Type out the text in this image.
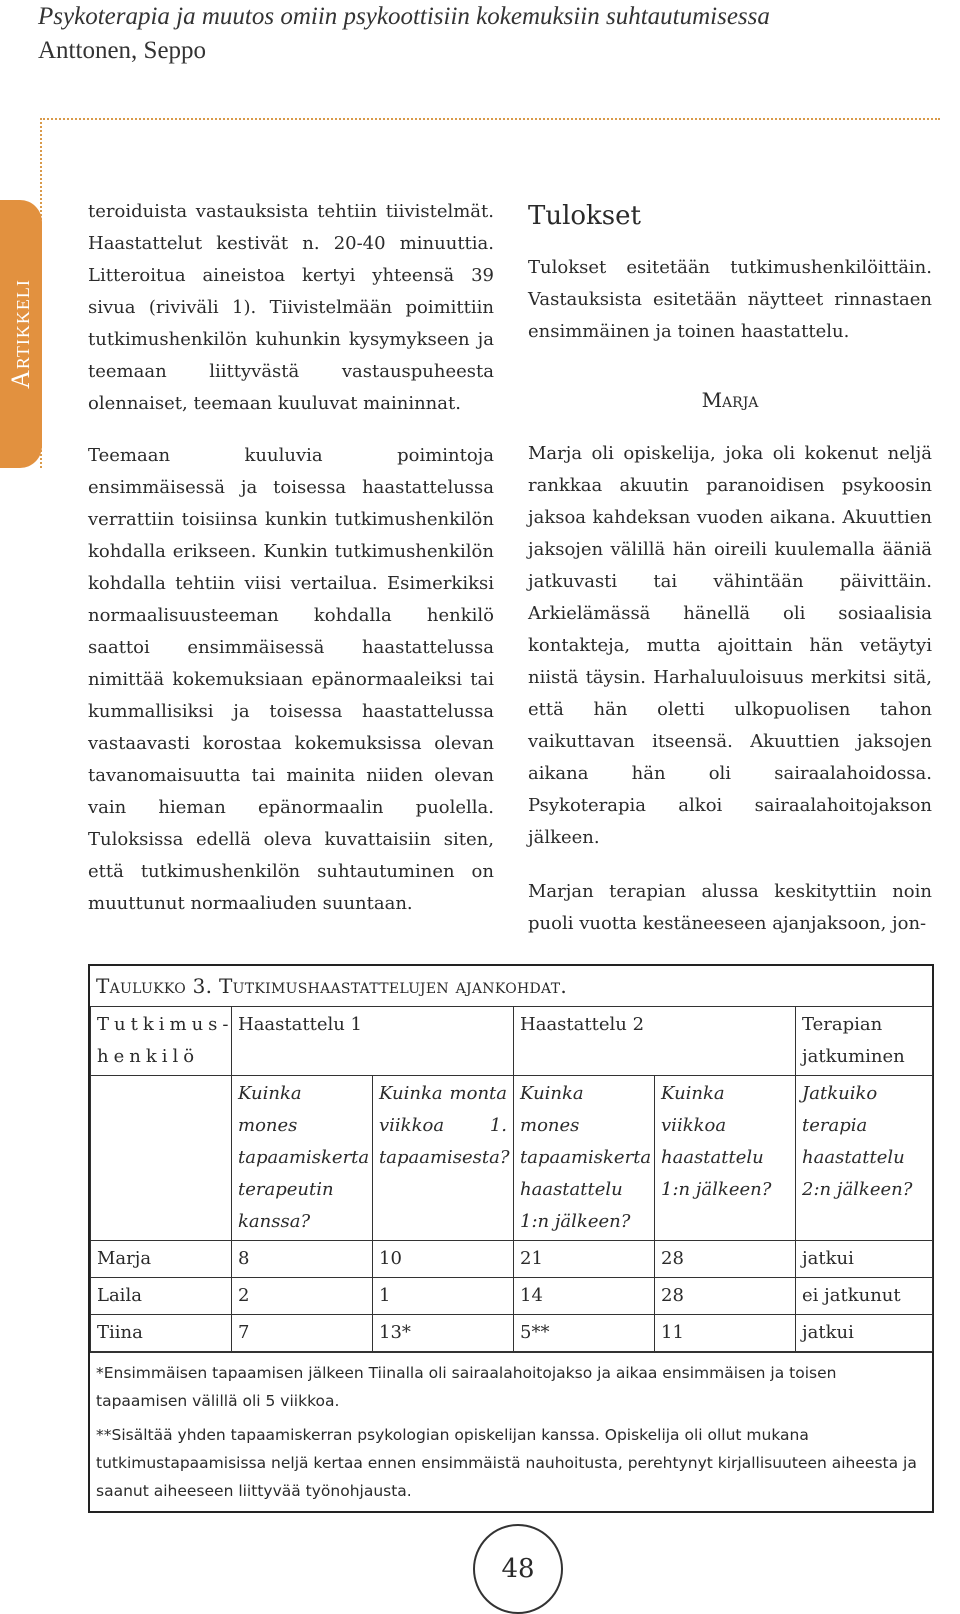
Psykoterapia ja muutos omiin psykoottisiin kokemuksiin suhtautumisessa
Anttonen, Seppo
Artikkeli

teroiduista vastauksista tehtiin tiivistelmät. Haastattelut kestivät n. 20-40 minuuttia. Litteroitua aineistoa kertyi yhteensä 39 sivua (riviväli 1). Tiivistelmään poimittiin tutkimushenkilön kuhunkin kysymykseen ja teemaan liittyvästä vastauspuheesta olennaiset, teemaan kuuluvat maininnat.

Teemaan kuuluvia poimintoja ensimmäisessä ja toisessa haastattelussa verrattiin toisiinsa kunkin tutkimushenkilön kohdalla erikseen. Kunkin tutkimushenkilön kohdalla tehtiin viisi vertailua. Esimerkiksi normaalisuusteeman kohdalla henkilö saattoi ensimmäisessä haastattelussa nimittää kokemuksiaan epänormaaleiksi tai kummallisiksi ja toisessa haastattelussa vastaavasti korostaa kokemuksissa olevan tavanomaisuutta tai mainita niiden olevan vain hieman epänormaalin puolella. Tuloksissa edellä oleva kuvattaisiin siten, että tutkimushenkilön suhtautuminen on muuttunut normaaliuden suuntaan.

Tulokset

Tulokset esitetään tutkimushenkilöittäin. Vastauksista esitetään näytteet rinnastaen ensimmäinen ja toinen haastattelu.

Marja

Marja oli opiskelija, joka oli kokenut neljä rankkaa akuutin paranoidisen psykoosin jaksoa kahdeksan vuoden aikana. Akuuttien jaksojen välillä hän oireili kuulemalla ääniä jatkuvasti tai vähintään päivittäin. Arkielämässä hänellä oli sosiaalisia kontakteja, mutta ajoittain hän vetäytyi niistä täysin. Harhaluuloisuus merkitsi sitä, että hän oletti ulkopuolisen tahon vaikuttavan itseensä. Akuuttien jaksojen aikana hän oli sairaalahoidossa. Psykoterapia alkoi sairaalahoitojakson jälkeen.

Marjan terapian alussa keskityttiin noin puoli vuotta kestäneeseen ajanjaksoon, jon-

Taulukko 3. Tutkimushaastattelujen ajankohdat.
Tutkimus- henkilö	Haastattelu 1		Haastattelu 2		Terapian jatkuminen
	Kuinka mones tapaamiskerta terapeutin kanssa?	Kuinka monta viikkoa 1. tapaamisesta?	Kuinka mones tapaamiskerta haastattelu 1:n jälkeen?	Kuinka viikkoa haastattelu 1:n jälkeen?	Jatkuiko terapia haastattelu 2:n jälkeen?
Marja	8	10	21	28	jatkui
Laila	2	1	14	28	ei jatkunut
Tiina	7	13*	5**	11	jatkui

*Ensimmäisen tapaamisen jälkeen Tiinalla oli sairaalahoitojakso ja aikaa ensimmäisen ja toisen tapaamisen välillä oli 5 viikkoa.

**Sisältää yhden tapaamiskerran psykologian opiskelijan kanssa. Opiskelija oli ollut mukana tutkimustapaamisissa neljä kertaa ennen ensimmäistä nauhoitusta, perehtynyt kirjallisuuteen aiheesta ja saanut aiheeseen liittyvää työnohjausta.

48
